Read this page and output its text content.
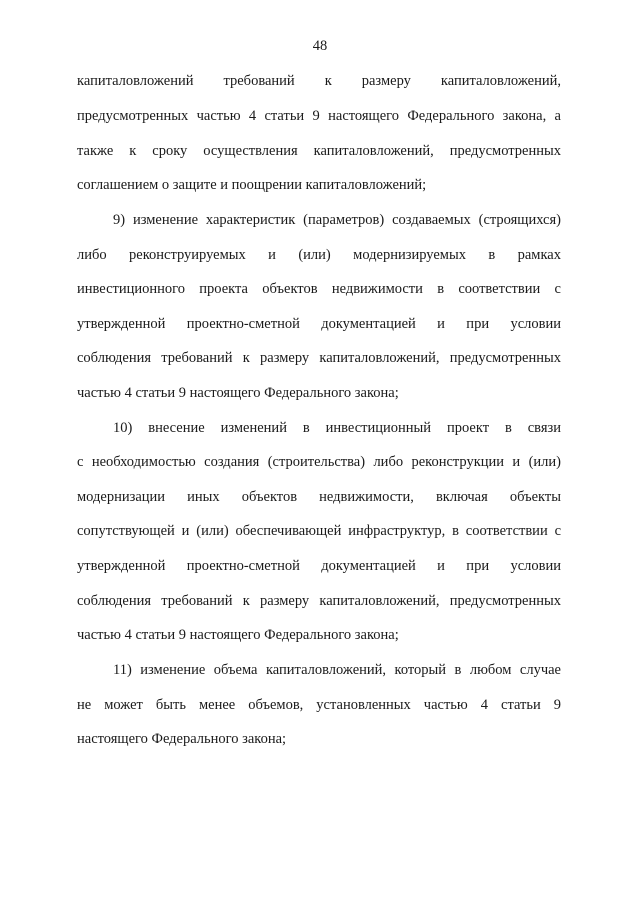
48
капиталовложений требований к размеру капиталовложений,
предусмотренных частью 4 статьи 9 настоящего Федерального закона, а
также к сроку осуществления капиталовложений, предусмотренных
соглашением о защите и поощрении капиталовложений;
9) изменение характеристик (параметров) создаваемых (строящихся)
либо реконструируемых и (или) модернизируемых в рамках
инвестиционного проекта объектов недвижимости в соответствии с
утвержденной проектно-сметной документацией и при условии
соблюдения требований к размеру капиталовложений, предусмотренных
частью 4 статьи 9 настоящего Федерального закона;
10) внесение изменений в инвестиционный проект в связи
с необходимостью создания (строительства) либо реконструкции и (или)
модернизации иных объектов недвижимости, включая объекты
сопутствующей и (или) обеспечивающей инфраструктур, в соответствии с
утвержденной проектно-сметной документацией и при условии
соблюдения требований к размеру капиталовложений, предусмотренных
частью 4 статьи 9 настоящего Федерального закона;
11) изменение объема капиталовложений, который в любом случае
не может быть менее объемов, установленных частью 4 статьи 9
настоящего Федерального закона;
